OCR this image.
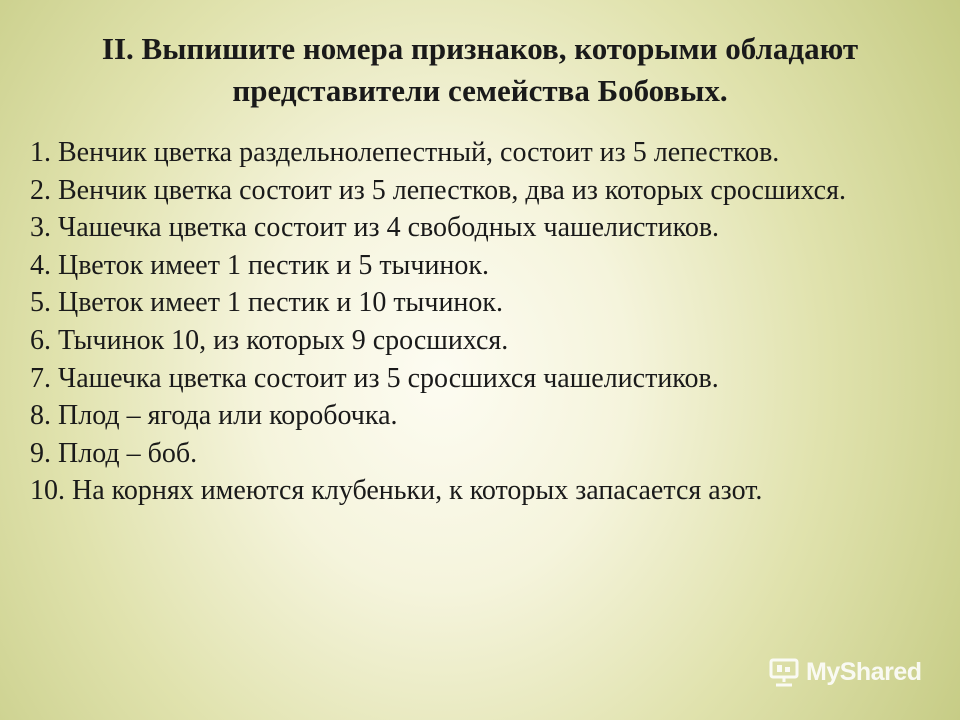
II. Выпишите номера признаков, которыми обладают
представители семейства Бобовых.

1. Венчик цветка раздельнолепестный, состоит из 5 лепестков.

2. Венчик цветка состоит из 5 лепестков, два из которых сросшихся.

3. Чашечка цветка состоит из 4 свободных чашелистиков.

4. Цветок имеет 1 пестик и 5 тычинок.

5. Цветок имеет 1 пестик и 10 тычинок.

6. Тычинок 10, из которых 9 сросшихся.

7. Чашечка цветка состоит из 5 сросшихся чашелистиков.

8. Плод – ягода или коробочка.

9. Плод – боб.

10. На корнях имеются клубеньки, к которых запасается азот.

MyShared
